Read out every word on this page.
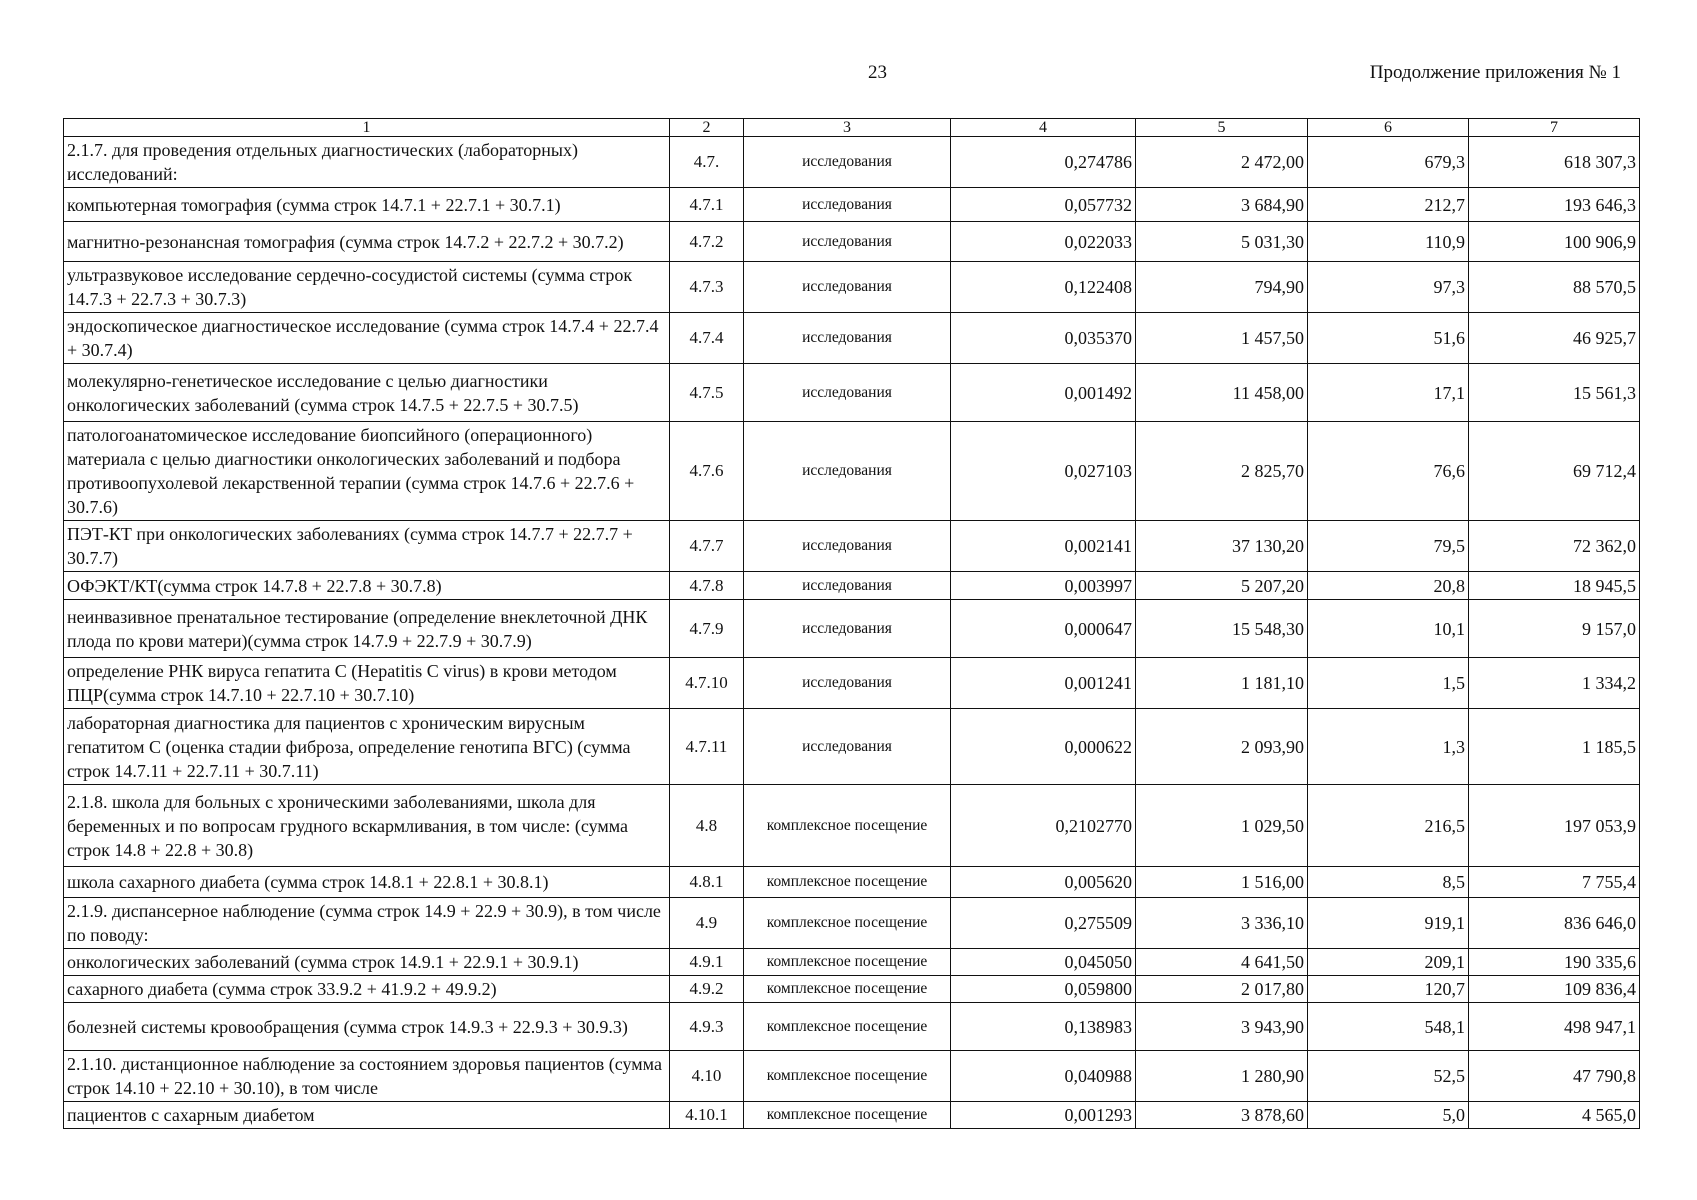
23	Продолжение приложения № 1
1	2	3	4	5	6	7
2.1.7. для проведения отдельных диагностических (лабораторных) исследований:	4.7.	исследования	0,274786	2 472,00	679,3	618 307,3
компьютерная томография (сумма строк 14.7.1 + 22.7.1 + 30.7.1)	4.7.1	исследования	0,057732	3 684,90	212,7	193 646,3
магнитно-резонансная томография (сумма строк 14.7.2 + 22.7.2 + 30.7.2)	4.7.2	исследования	0,022033	5 031,30	110,9	100 906,9
ультразвуковое исследование сердечно-сосудистой системы (сумма строк 14.7.3 + 22.7.3 + 30.7.3)	4.7.3	исследования	0,122408	794,90	97,3	88 570,5
эндоскопическое диагностическое исследование (сумма строк 14.7.4 + 22.7.4 + 30.7.4)	4.7.4	исследования	0,035370	1 457,50	51,6	46 925,7
молекулярно-генетическое исследование с целью диагностики онкологических заболеваний (сумма строк 14.7.5 + 22.7.5 + 30.7.5)	4.7.5	исследования	0,001492	11 458,00	17,1	15 561,3
патологоанатомическое исследование биопсийного (операционного) материала с целью диагностики онкологических заболеваний и подбора противоопухолевой лекарственной терапии (сумма строк 14.7.6 + 22.7.6 + 30.7.6)	4.7.6	исследования	0,027103	2 825,70	76,6	69 712,4
ПЭТ-КТ при онкологических заболеваниях (сумма строк 14.7.7 + 22.7.7 + 30.7.7)	4.7.7	исследования	0,002141	37 130,20	79,5	72 362,0
ОФЭКТ/КТ(сумма строк 14.7.8 + 22.7.8 + 30.7.8)	4.7.8	исследования	0,003997	5 207,20	20,8	18 945,5
неинвазивное пренатальное тестирование (определение внеклеточной ДНК плода по крови матери)(сумма строк 14.7.9 + 22.7.9 + 30.7.9)	4.7.9	исследования	0,000647	15 548,30	10,1	9 157,0
определение РНК вируса гепатита С (Hepatitis C virus) в крови методом ПЦР(сумма строк 14.7.10 + 22.7.10 + 30.7.10)	4.7.10	исследования	0,001241	1 181,10	1,5	1 334,2
лабораторная диагностика для пациентов с хроническим вирусным гепатитом С (оценка стадии фиброза, определение генотипа ВГС) (сумма строк 14.7.11 + 22.7.11 + 30.7.11)	4.7.11	исследования	0,000622	2 093,90	1,3	1 185,5
2.1.8. школа для больных с хроническими заболеваниями, школа для беременных и по вопросам грудного вскармливания, в том числе: (сумма строк 14.8 + 22.8 + 30.8)	4.8	комплексное посещение	0,2102770	1 029,50	216,5	197 053,9
школа сахарного диабета (сумма строк 14.8.1 + 22.8.1 + 30.8.1)	4.8.1	комплексное посещение	0,005620	1 516,00	8,5	7 755,4
2.1.9. диспансерное наблюдение (сумма строк 14.9 + 22.9 + 30.9), в том числе по поводу:	4.9	комплексное посещение	0,275509	3 336,10	919,1	836 646,0
онкологических заболеваний (сумма строк 14.9.1 + 22.9.1 + 30.9.1)	4.9.1	комплексное посещение	0,045050	4 641,50	209,1	190 335,6
сахарного диабета (сумма строк 33.9.2 + 41.9.2 + 49.9.2)	4.9.2	комплексное посещение	0,059800	2 017,80	120,7	109 836,4
болезней системы кровообращения (сумма строк 14.9.3 + 22.9.3 + 30.9.3)	4.9.3	комплексное посещение	0,138983	3 943,90	548,1	498 947,1
2.1.10. дистанционное наблюдение за состоянием здоровья пациентов (сумма строк 14.10 + 22.10 + 30.10), в том числе	4.10	комплексное посещение	0,040988	1 280,90	52,5	47 790,8
пациентов с сахарным диабетом	4.10.1	комплексное посещение	0,001293	3 878,60	5,0	4 565,0
